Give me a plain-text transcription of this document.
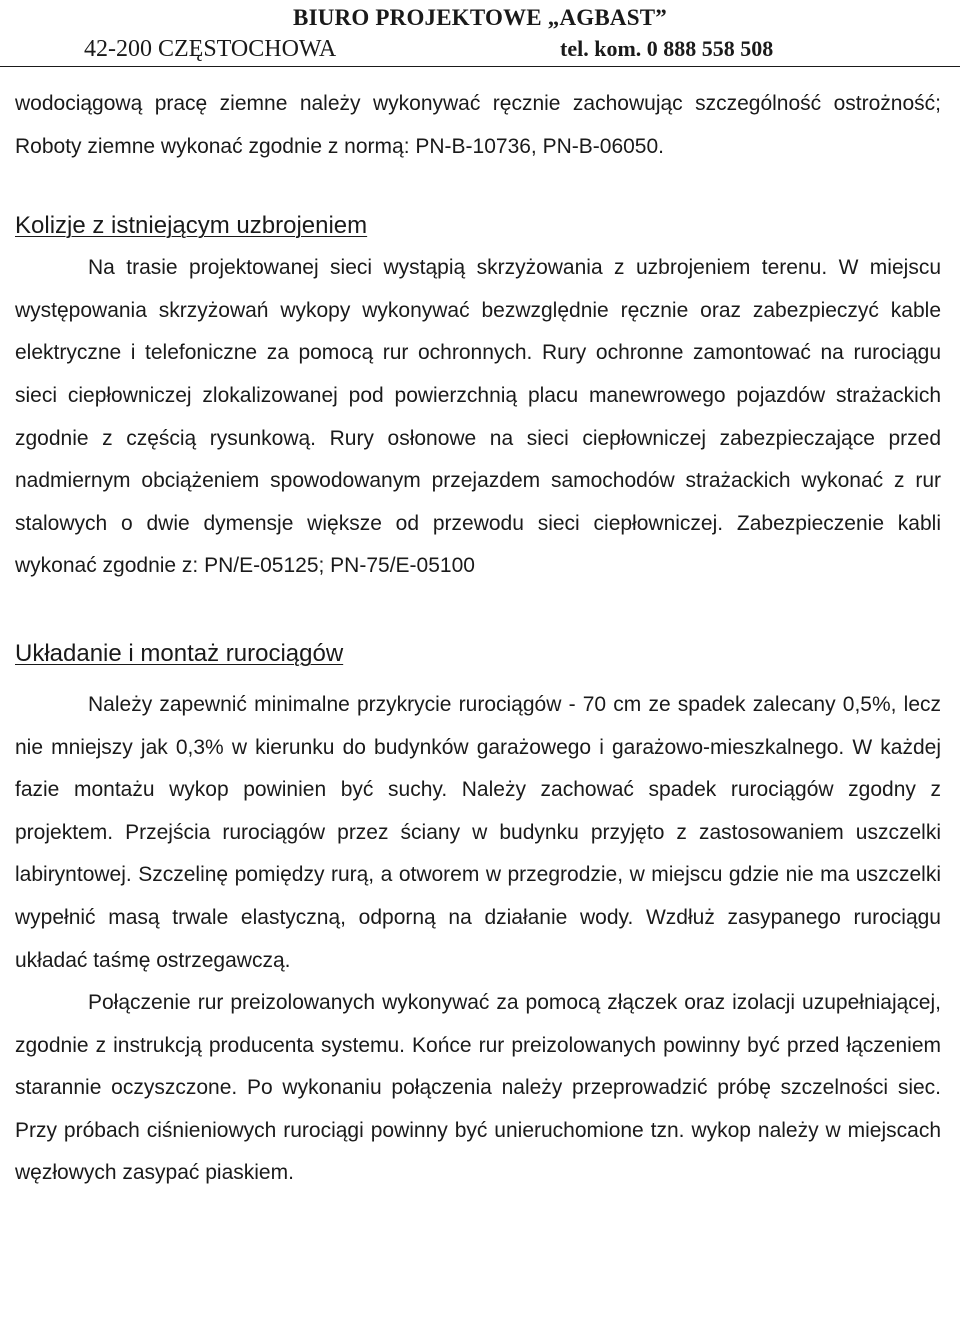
BIURO PROJEKTOWE „AGBAST”
42-200 CZĘSTOCHOWA	tel. kom. 0 888 558 508

wodociągową pracę ziemne należy wykonywać ręcznie zachowując szczególność ostrożność; Roboty ziemne wykonać zgodnie z normą: PN-B-10736, PN-B-06050.

Kolizje z istniejącym uzbrojeniem

Na trasie projektowanej sieci wystąpią skrzyżowania z uzbrojeniem terenu. W miejscu występowania skrzyżowań wykopy wykonywać bezwzględnie ręcznie oraz zabezpieczyć kable elektryczne i telefoniczne za pomocą rur ochronnych. Rury ochronne zamontować na rurociągu sieci ciepłowniczej zlokalizowanej pod powierzchnią placu manewrowego pojazdów strażackich zgodnie z częścią rysunkową. Rury osłonowe na sieci ciepłowniczej zabezpieczające przed nadmiernym obciążeniem spowodowanym przejazdem samochodów strażackich wykonać z rur stalowych o dwie dymensje większe od przewodu sieci ciepłowniczej. Zabezpieczenie kabli wykonać zgodnie z: PN/E-05125; PN-75/E-05100

Układanie i montaż rurociągów

Należy zapewnić minimalne przykrycie rurociągów - 70 cm ze spadek zalecany 0,5%, lecz nie mniejszy jak 0,3% w kierunku do budynków garażowego i garażowo-mieszkalnego. W każdej fazie montażu wykop powinien być suchy. Należy zachować spadek rurociągów zgodny z projektem. Przejścia rurociągów przez ściany w budynku przyjęto z zastosowaniem uszczelki labiryntowej. Szczelinę pomiędzy rurą, a otworem w przegrodzie, w miejscu gdzie nie ma uszczelki wypełnić masą trwale elastyczną, odporną na działanie wody. Wzdłuż zasypanego rurociągu układać taśmę ostrzegawczą.

Połączenie rur preizolowanych wykonywać za pomocą złączek oraz izolacji uzupełniającej, zgodnie z instrukcją producenta systemu. Końce rur preizolowanych powinny być przed łączeniem starannie oczyszczone. Po wykonaniu połączenia należy przeprowadzić próbę szczelności siec. Przy próbach ciśnieniowych rurociągi powinny być unieruchomione tzn. wykop należy w miejscach węzłowych zasypać piaskiem.
